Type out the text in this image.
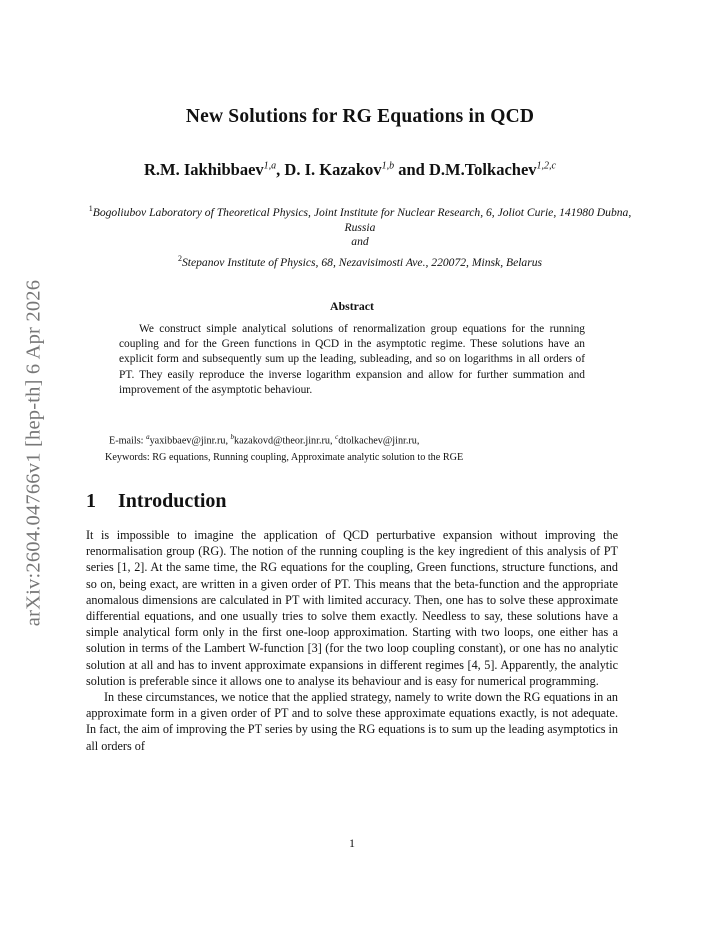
arXiv:2604.04766v1 [hep-th] 6 Apr 2026
New Solutions for RG Equations in QCD
R.M. Iakhibbaev$^{1,a}$, D. I. Kazakov$^{1,b}$ and D.M.Tolkachev$^{1,2,c}$
$^1$Bogoliubov Laboratory of Theoretical Physics, Joint Institute for Nuclear Research, 6, Joliot Curie, 141980 Dubna, Russia
and
$^2$Stepanov Institute of Physics, 68, Nezavisimosti Ave., 220072, Minsk, Belarus
Abstract
We construct simple analytical solutions of renormalization group equations for the running coupling and for the Green functions in QCD in the asymptotic regime. These solutions have an explicit form and subsequently sum up the leading, subleading, and so on logarithms in all orders of PT. They easily reproduce the inverse logarithm expansion and allow for further summation and improvement of the asymptotic behaviour.
E-mails: $^a$yaxibbaev@jinr.ru, $^b$kazakovd@theor.jinr.ru, $^c$dtolkachev@jinr.ru,
Keywords: RG equations, Running coupling, Approximate analytic solution to the RGE
1 Introduction

It is impossible to imagine the application of QCD perturbative expansion without improving the renormalisation group (RG). The notion of the running coupling is the key ingredient of this analysis of PT series [1, 2]. At the same time, the RG equations for the coupling, Green functions, structure functions, and so on, being exact, are written in a given order of PT. This means that the beta-function and the appropriate anomalous dimensions are calculated in PT with limited accuracy. Then, one has to solve these approximate differential equations, and one usually tries to solve them exactly. Needless to say, these solutions have a simple analytical form only in the first one-loop approximation. Starting with two loops, one either has a solution in terms of the Lambert W-function [3] (for the two loop coupling constant), or one has no analytic solution at all and has to invent approximate expansions in different regimes [4, 5]. Apparently, the analytic solution is preferable since it allows one to analyse its behaviour and is easy for numerical programming.

In these circumstances, we notice that the applied strategy, namely to write down the RG equations in an approximate form in a given order of PT and to solve these approximate equations exactly, is not adequate. In fact, the aim of improving the PT series by using the RG equations is to sum up the leading asymptotics in all orders of

1
